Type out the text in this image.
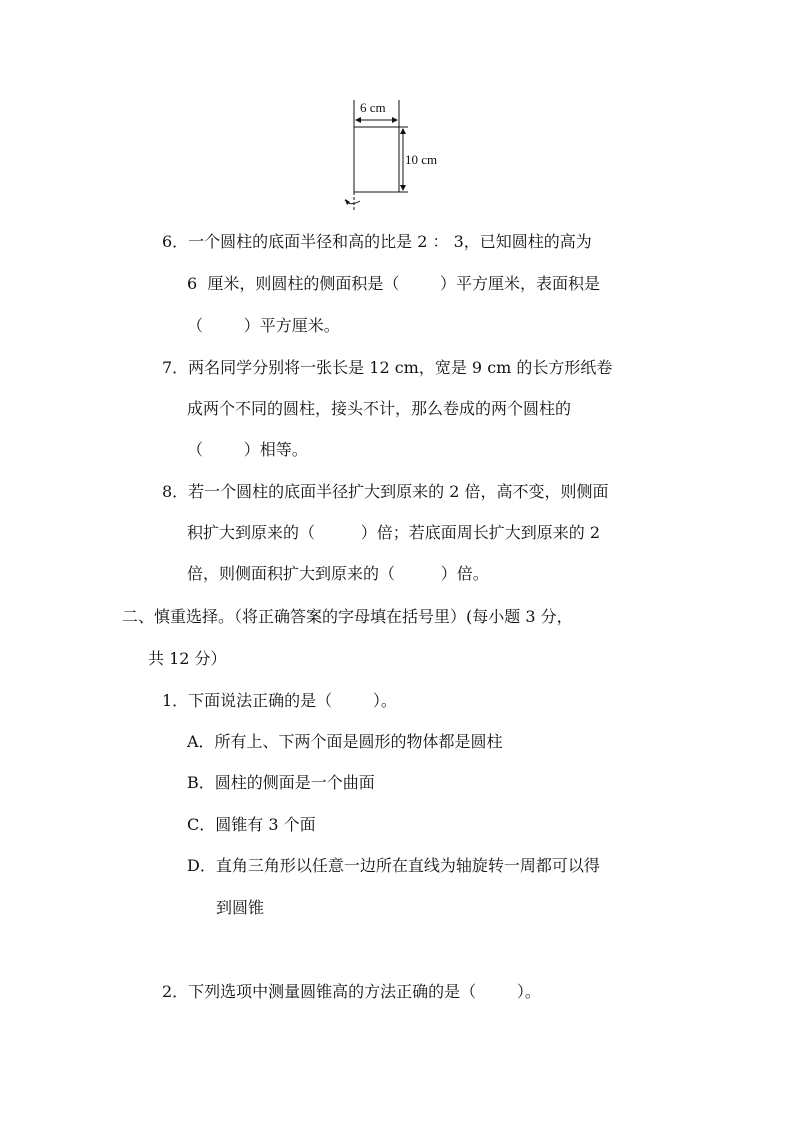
6 cm
10 cm
6．一个圆柱的底面半径和高的比是 2 ： 3，已知圆柱的高为
6  厘米，则圆柱的侧面积是（        ）平方厘米，表面积是
（        ）平方厘米。
7．两名同学分别将一张长是 12 cm，宽是 9 cm 的长方形纸卷
成两个不同的圆柱，接头不计，那么卷成的两个圆柱的
（        ）相等。
8．若一个圆柱的底面半径扩大到原来的 2 倍，高不变，则侧面
积扩大到原来的（         ）倍；若底面周长扩大到原来的 2
倍，则侧面积扩大到原来的（         ）倍。
二、慎重选择。（将正确答案的字母填在括号里）(每小题 3 分，
共 12 分）
1．下面说法正确的是（        ）。
A．所有上、下两个面是圆形的物体都是圆柱
B．圆柱的侧面是一个曲面
C．圆锥有 3 个面
D．直角三角形以任意一边所在直线为轴旋转一周都可以得
到圆锥
2．下列选项中测量圆锥高的方法正确的是（        ）。
